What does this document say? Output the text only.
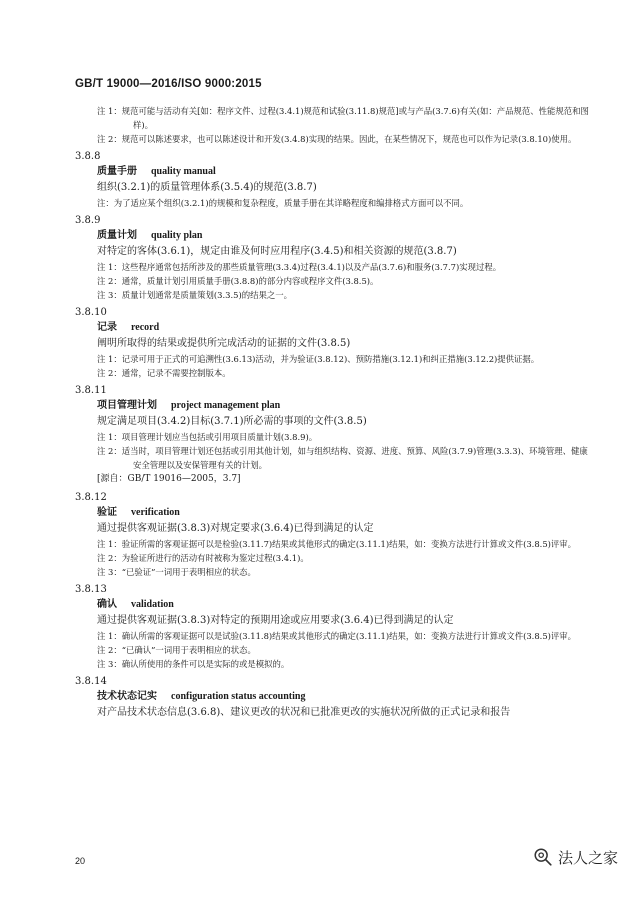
GB/T 19000—2016/ISO 9000:2015
注 1：规范可能与活动有关[如：程序文件、过程(3.4.1)规范和试验(3.11.8)规范]或与产品(3.7.6)有关(如：产品规范、性能规范和图样)。
注 2：规范可以陈述要求，也可以陈述设计和开发(3.4.8)实现的结果。因此，在某些情况下，规范也可以作为记录(3.8.10)使用。
3.8.8
质量手册 quality manual
组织(3.2.1)的质量管理体系(3.5.4)的规范(3.8.7)
注：为了适应某个组织(3.2.1)的规模和复杂程度，质量手册在其详略程度和编排格式方面可以不同。
3.8.9
质量计划 quality plan
对特定的客体(3.6.1)，规定由谁及何时应用程序(3.4.5)和相关资源的规范(3.8.7)
注 1：这些程序通常包括所涉及的那些质量管理(3.3.4)过程(3.4.1)以及产品(3.7.6)和服务(3.7.7)实现过程。
注 2：通常，质量计划引用质量手册(3.8.8)的部分内容或程序文件(3.8.5)。
注 3：质量计划通常是质量策划(3.3.5)的结果之一。
3.8.10
记录 record
阐明所取得的结果或提供所完成活动的证据的文件(3.8.5)
注 1：记录可用于正式的可追溯性(3.6.13)活动，并为验证(3.8.12)、预防措施(3.12.1)和纠正措施(3.12.2)提供证据。
注 2：通常，记录不需要控制版本。
3.8.11
项目管理计划 project management plan
规定满足项目(3.4.2)目标(3.7.1)所必需的事项的文件(3.8.5)
注 1：项目管理计划应当包括或引用项目质量计划(3.8.9)。
注 2：适当时，项目管理计划还包括或引用其他计划，如与组织结构、资源、进度、预算、风险(3.7.9)管理(3.3.3)、环境管理、健康安全管理以及安保管理有关的计划。
[源自：GB/T 19016—2005，3.7]
3.8.12
验证 verification
通过提供客观证据(3.8.3)对规定要求(3.6.4)已得到满足的认定
注 1：验证所需的客观证据可以是检验(3.11.7)结果或其他形式的确定(3.11.1)结果，如：变换方法进行计算或文件(3.8.5)评审。
注 2：为验证所进行的活动有时被称为鉴定过程(3.4.1)。
注 3：“已验证”一词用于表明相应的状态。
3.8.13
确认 validation
通过提供客观证据(3.8.3)对特定的预期用途或应用要求(3.6.4)已得到满足的认定
注 1：确认所需的客观证据可以是试验(3.11.8)结果或其他形式的确定(3.11.1)结果，如：变换方法进行计算或文件(3.8.5)评审。
注 2：“已确认”一词用于表明相应的状态。
注 3：确认所使用的条件可以是实际的或是模拟的。
3.8.14
技术状态记实 configuration status accounting
对产品技术状态信息(3.6.8)、建议更改的状况和已批准更改的实施状况所做的正式记录和报告
20	法人之家
